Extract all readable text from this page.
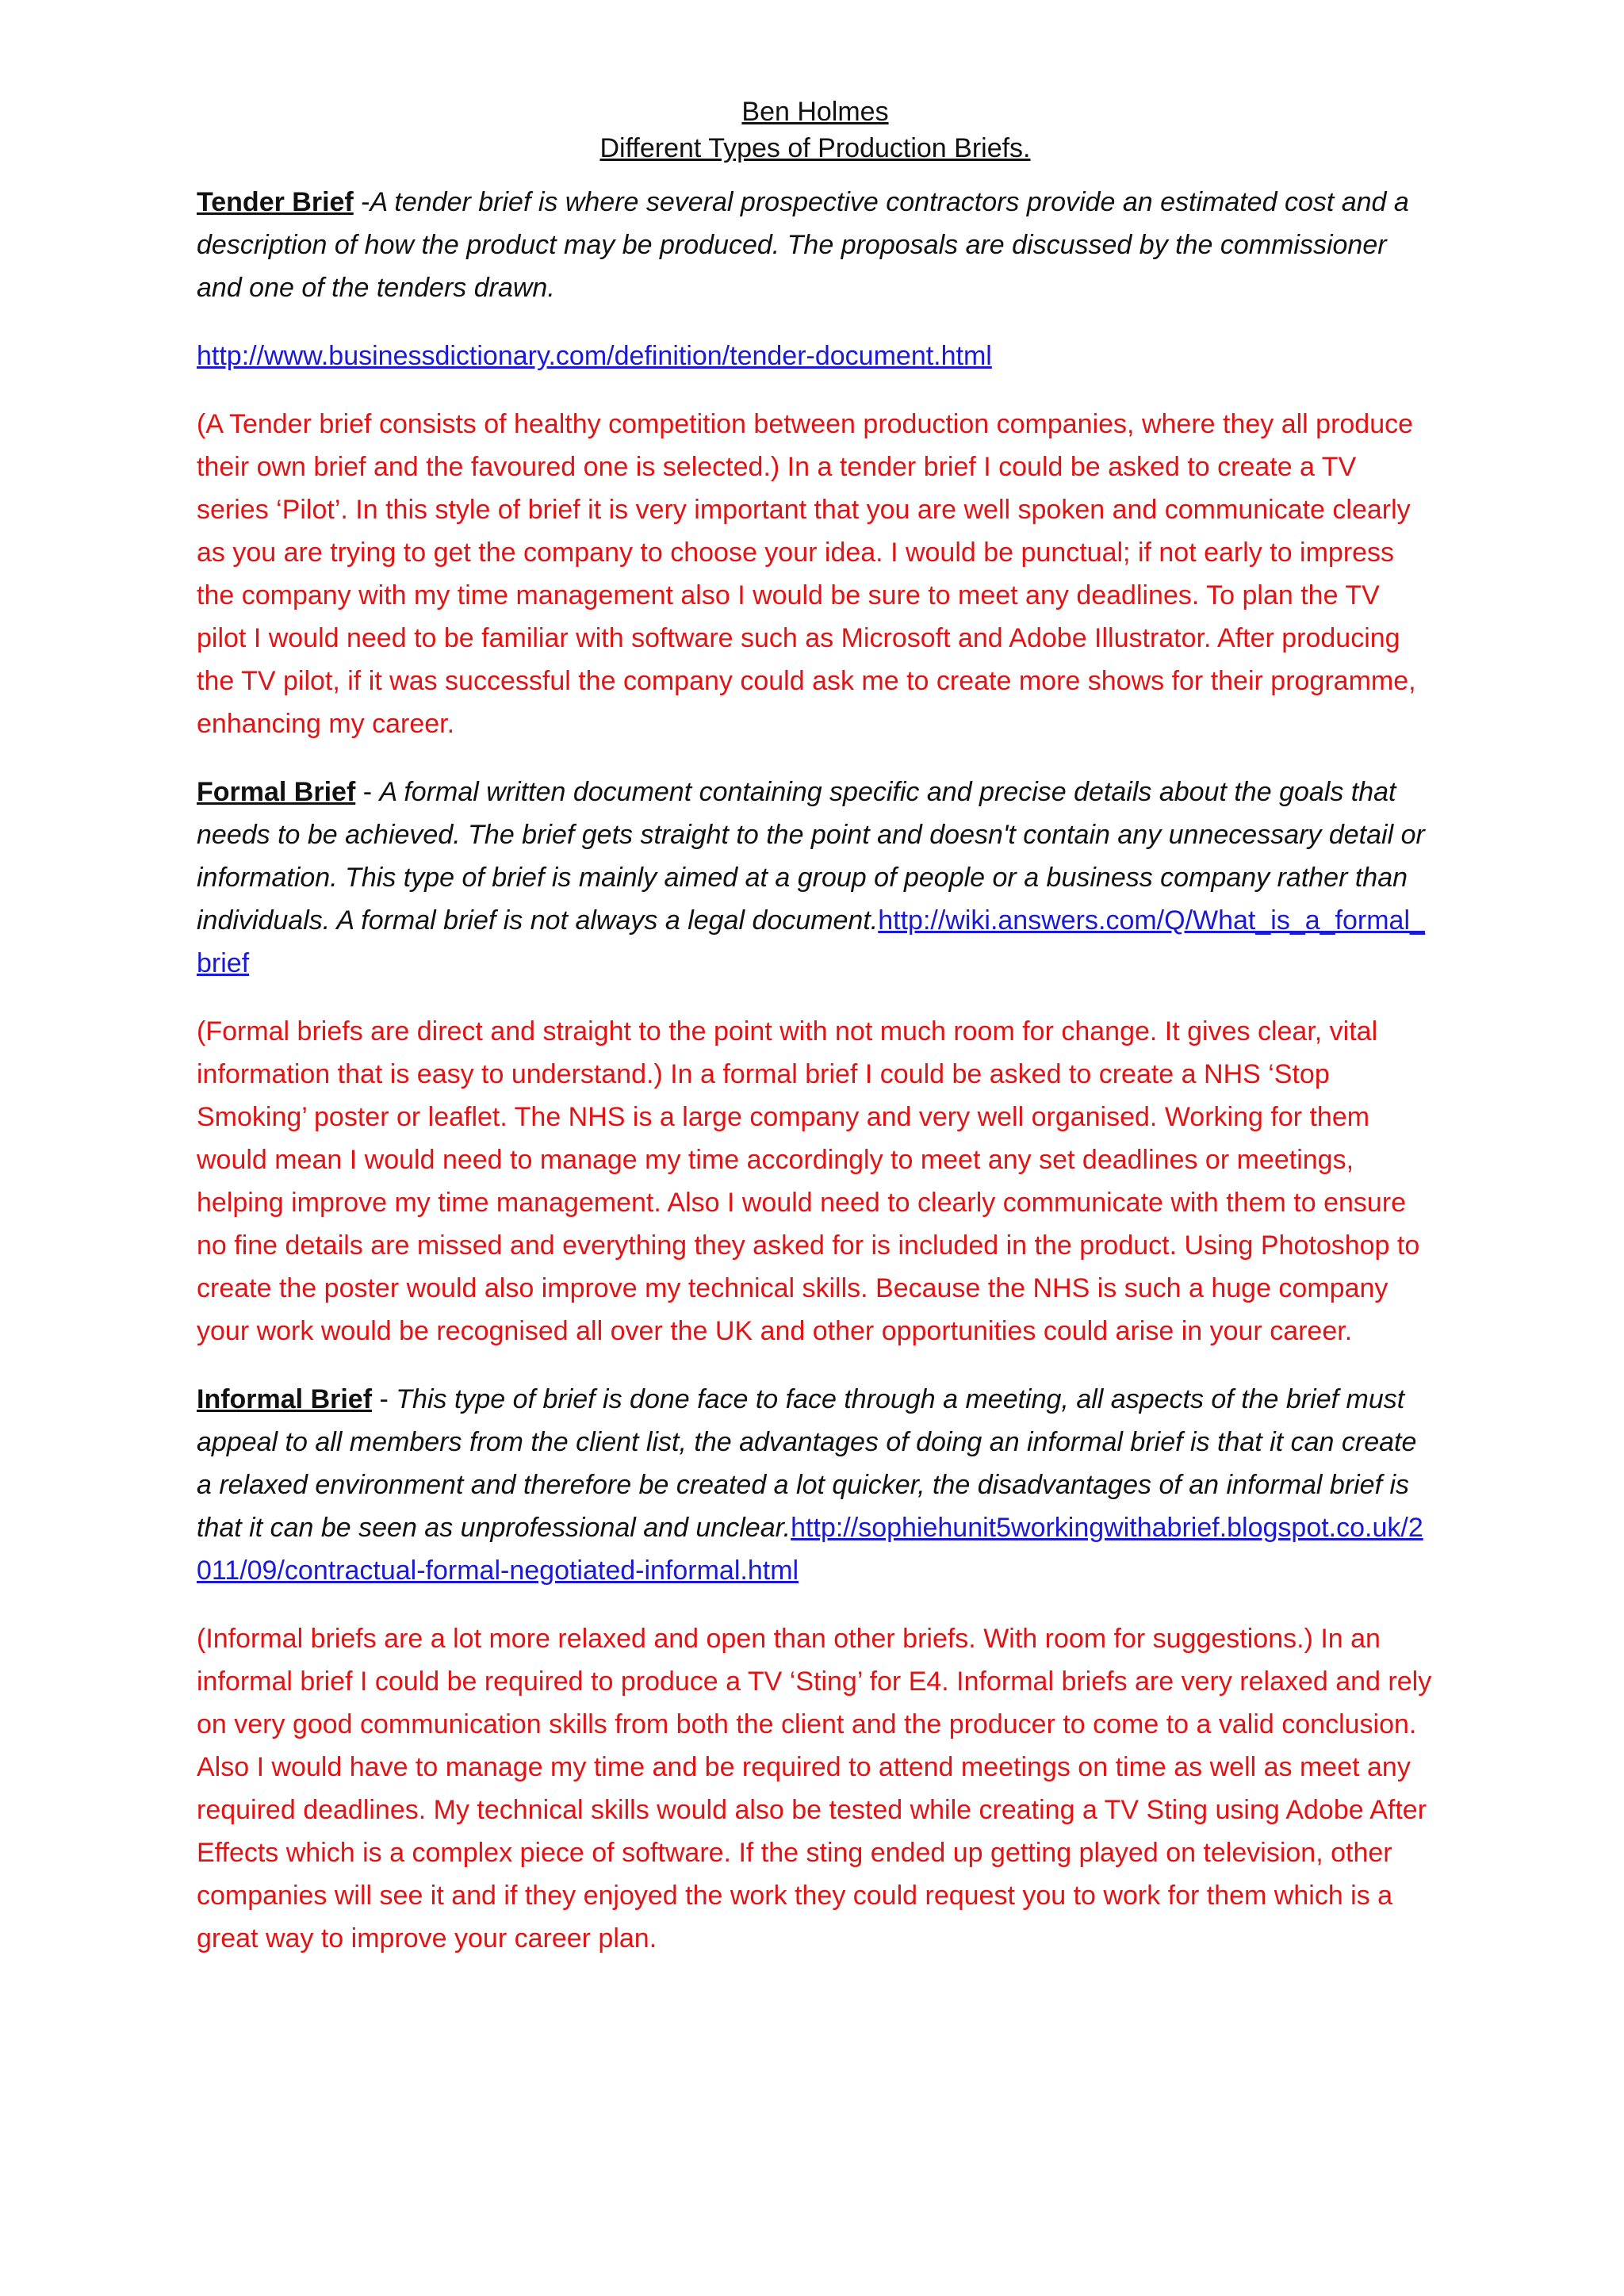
Ben Holmes
Different Types of Production Briefs.

Tender Brief -A tender brief is where several prospective contractors provide an estimated cost and a description of how the product may be produced. The proposals are discussed by the commissioner and one of the tenders drawn.

http://www.businessdictionary.com/definition/tender-document.html

(A Tender brief consists of healthy competition between production companies, where they all produce their own brief and the favoured one is selected.) In a tender brief I could be asked to create a TV series ‘Pilot’. In this style of brief it is very important that you are well spoken and communicate clearly as you are trying to get the company to choose your idea. I would be punctual; if not early to impress the company with my time management also I would be sure to meet any deadlines. To plan the TV pilot I would need to be familiar with software such as Microsoft and Adobe Illustrator. After producing the TV pilot, if it was successful the company could ask me to create more shows for their programme, enhancing my career.

Formal Brief - A formal written document containing specific and precise details about the goals that needs to be achieved. The brief gets straight to the point and doesn't contain any unnecessary detail or information. This type of brief is mainly aimed at a group of people or a business company rather than individuals. A formal brief is not always a legal document.http://wiki.answers.com/Q/What_is_a_formal_brief

(Formal briefs are direct and straight to the point with not much room for change. It gives clear, vital information that is easy to understand.) In a formal brief I could be asked to create a NHS ‘Stop Smoking’ poster or leaflet. The NHS is a large company and very well organised. Working for them would mean I would need to manage my time accordingly to meet any set deadlines or meetings, helping improve my time management. Also I would need to clearly communicate with them to ensure no fine details are missed and everything they asked for is included in the product. Using Photoshop to create the poster would also improve my technical skills. Because the NHS is such a huge company your work would be recognised all over the UK and other opportunities could arise in your career.

Informal Brief - This type of brief is done face to face through a meeting, all aspects of the brief must appeal to all members from the client list, the advantages of doing an informal brief is that it can create a relaxed environment and therefore be created a lot quicker, the disadvantages of an informal brief is that it can be seen as unprofessional and unclear.http://sophiehunit5workingwithabrief.blogspot.co.uk/2011/09/contractual-formal-negotiated-informal.html

(Informal briefs are a lot more relaxed and open than other briefs. With room for suggestions.) In an informal brief I could be required to produce a TV ‘Sting’ for E4. Informal briefs are very relaxed and rely on very good communication skills from both the client and the producer to come to a valid conclusion. Also I would have to manage my time and be required to attend meetings on time as well as meet any required deadlines. My technical skills would also be tested while creating a TV Sting using Adobe After Effects which is a complex piece of software. If the sting ended up getting played on television, other companies will see it and if they enjoyed the work they could request you to work for them which is a great way to improve your career plan.
